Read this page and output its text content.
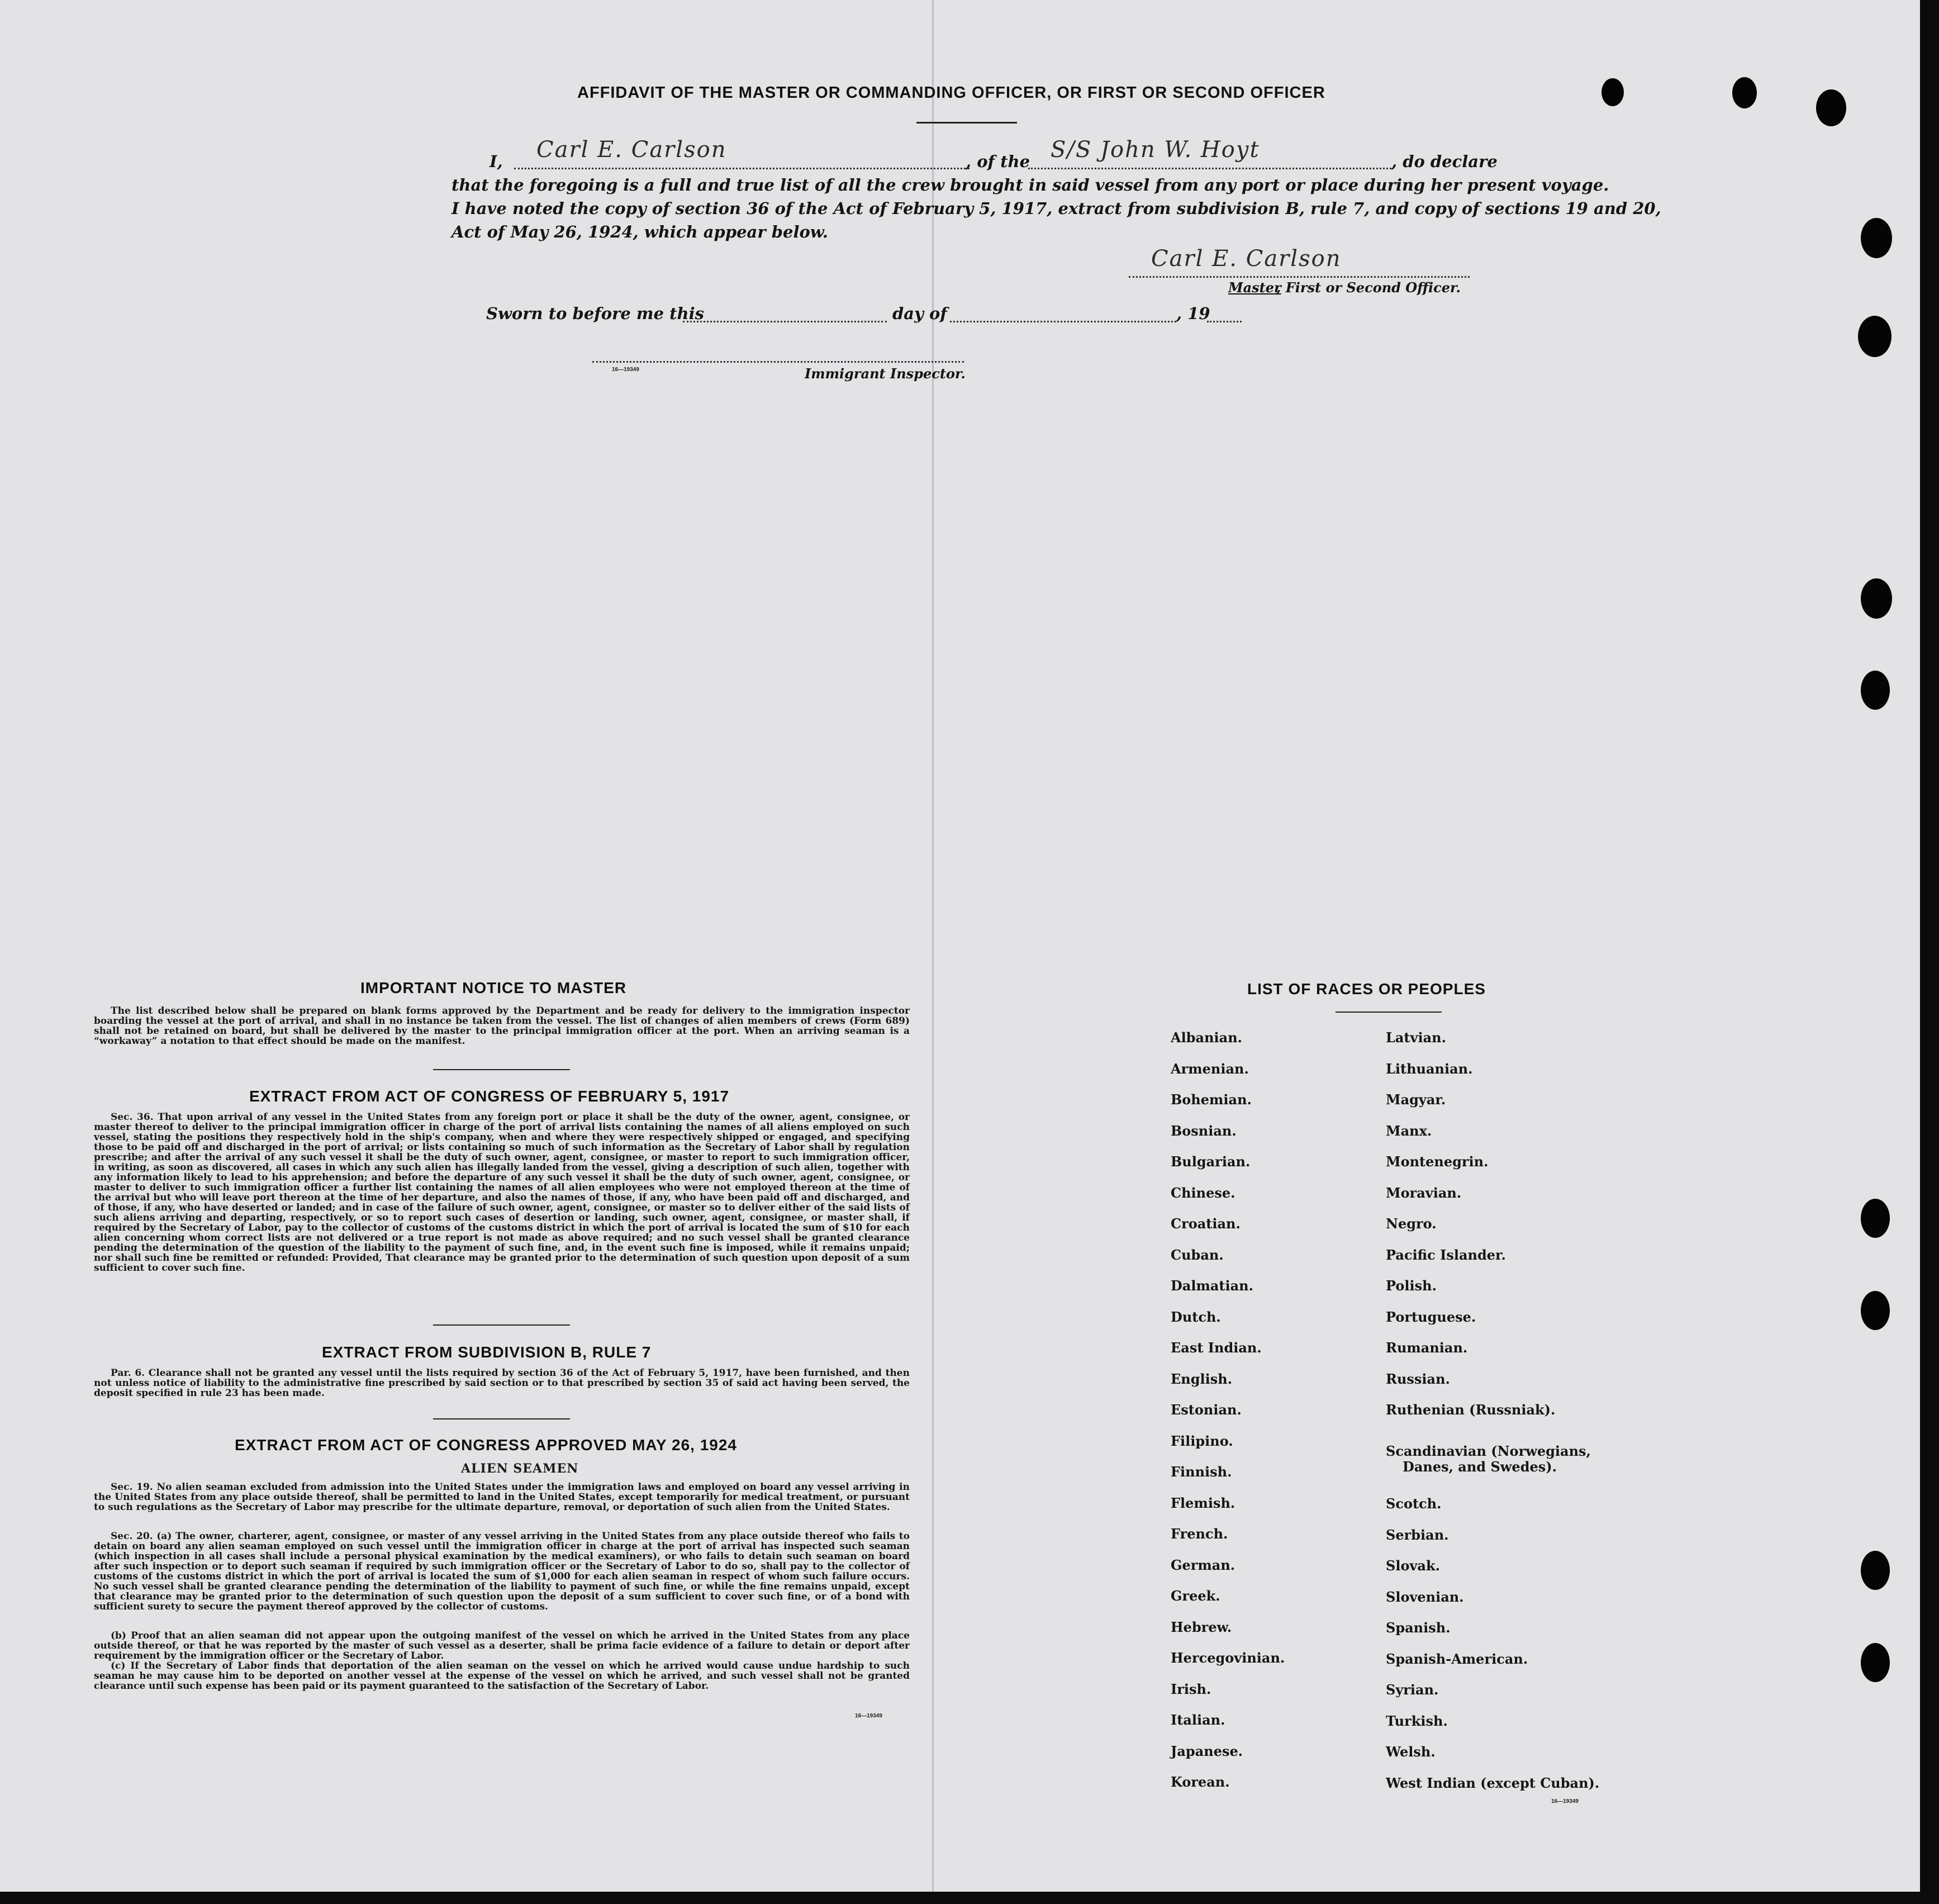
AFFIDAVIT OF THE MASTER OR COMMANDING OFFICER, OR FIRST OR SECOND OFFICER
I, Carl E. Carlson	, of the S/S John W. Hoyt	, do declare
that the foregoing is a full and true list of all the crew brought in said vessel from any port or place during her present voyage.
I have noted the copy of section 36 of the Act of February 5, 1917, extract from subdivision B, rule 7, and copy of sections 19 and 20,
Act of May 26, 1924, which appear below.
Carl E. Carlson
Master
, First or Second Officer.
Sworn to before me this	day of	, 19
16—19349	Immigrant Inspector.
IMPORTANT NOTICE TO MASTER
The list described below shall be prepared on blank forms approved by the Department and be ready for delivery to the immigration inspector boarding the vessel at the port of arrival, and shall in no instance be taken from the vessel. The list of changes of alien members of crews (Form 689) shall not be retained on board, but shall be delivered by the master to the principal immigration officer at the port. When an arriving seaman is a “workaway” a notation to that effect should be made on the manifest.
EXTRACT FROM ACT OF CONGRESS OF FEBRUARY 5, 1917
Sec. 36. That upon arrival of any vessel in the United States from any foreign port or place it shall be the duty of the owner, agent, consignee, or master thereof to deliver to the principal immigration officer in charge of the port of arrival lists containing the names of all aliens employed on such vessel, stating the positions they respectively hold in the ship's company, when and where they were respectively shipped or engaged, and specifying those to be paid off and discharged in the port of arrival; or lists containing so much of such information as the Secretary of Labor shall by regulation prescribe; and after the arrival of any such vessel it shall be the duty of such owner, agent, consignee, or master to report to such immigration officer, in writing, as soon as discovered, all cases in which any such alien has illegally landed from the vessel, giving a description of such alien, together with any information likely to lead to his apprehension; and before the departure of any such vessel it shall be the duty of such owner, agent, consignee, or master to deliver to such immigration officer a further list containing the names of all alien employees who were not employed thereon at the time of the arrival but who will leave port thereon at the time of her departure, and also the names of those, if any, who have been paid off and discharged, and of those, if any, who have deserted or landed; and in case of the failure of such owner, agent, consignee, or master so to deliver either of the said lists of such aliens arriving and departing, respectively, or so to report such cases of desertion or landing, such owner, agent, consignee, or master shall, if required by the Secretary of Labor, pay to the collector of customs of the customs district in which the port of arrival is located the sum of $10 for each alien concerning whom correct lists are not delivered or a true report is not made as above required; and no such vessel shall be granted clearance pending the determination of the question of the liability to the payment of such fine, and, in the event such fine is imposed, while it remains unpaid; nor shall such fine be remitted or refunded: Provided, That clearance may be granted prior to the determination of such question upon deposit of a sum sufficient to cover such fine.
EXTRACT FROM SUBDIVISION B, RULE 7
Par. 6. Clearance shall not be granted any vessel until the lists required by section 36 of the Act of February 5, 1917, have been furnished, and then not unless notice of liability to the administrative fine prescribed by said section or to that prescribed by section 35 of said act having been served, the deposit specified in rule 23 has been made.
EXTRACT FROM ACT OF CONGRESS APPROVED MAY 26, 1924
ALIEN SEAMEN
Sec. 19. No alien seaman excluded from admission into the United States under the immigration laws and employed on board any vessel arriving in the United States from any place outside thereof, shall be permitted to land in the United States, except temporarily for medical treatment, or pursuant to such regulations as the Secretary of Labor may prescribe for the ultimate departure, removal, or deportation of such alien from the United States.
Sec. 20. (a) The owner, charterer, agent, consignee, or master of any vessel arriving in the United States from any place outside thereof who fails to detain on board any alien seaman employed on such vessel until the immigration officer in charge at the port of arrival has inspected such seaman (which inspection in all cases shall include a personal physical examination by the medical examiners), or who fails to detain such seaman on board after such inspection or to deport such seaman if required by such immigration officer or the Secretary of Labor to do so, shall pay to the collector of customs of the customs district in which the port of arrival is located the sum of $1,000 for each alien seaman in respect of whom such failure occurs. No such vessel shall be granted clearance pending the determination of the liability to payment of such fine, or while the fine remains unpaid, except that clearance may be granted prior to the determination of such question upon the deposit of a sum sufficient to cover such fine, or of a bond with sufficient surety to secure the payment thereof approved by the collector of customs.
(b) Proof that an alien seaman did not appear upon the outgoing manifest of the vessel on which he arrived in the United States from any place outside thereof, or that he was reported by the master of such vessel as a deserter, shall be prima facie evidence of a failure to detain or deport after requirement by the immigration officer or the Secretary of Labor.
(c) If the Secretary of Labor finds that deportation of the alien seaman on the vessel on which he arrived would cause undue hardship to such seaman he may cause him to be deported on another vessel at the expense of the vessel on which he arrived, and such vessel shall not be granted clearance until such expense has been paid or its payment guaranteed to the satisfaction of the Secretary of Labor.
16—19349
LIST OF RACES OR PEOPLES
Albanian.
Armenian.
Bohemian.
Bosnian.
Bulgarian.
Chinese.
Croatian.
Cuban.
Dalmatian.
Dutch.
East Indian.
English.
Estonian.
Filipino.
Finnish.
Flemish.
French.
German.
Greek.
Hebrew.
Hercegovinian.
Irish.
Italian.
Japanese.
Korean.
Latvian.
Lithuanian.
Magyar.
Manx.
Montenegrin.
Moravian.
Negro.
Pacific Islander.
Polish.
Portuguese.
Rumanian.
Russian.
Ruthenian (Russniak).
Scandinavian (Norwegians,
Danes, and Swedes).
Scotch.
Serbian.
Slovak.
Slovenian.
Spanish.
Spanish-American.
Syrian.
Turkish.
Welsh.
West Indian (except Cuban).
16—19349
